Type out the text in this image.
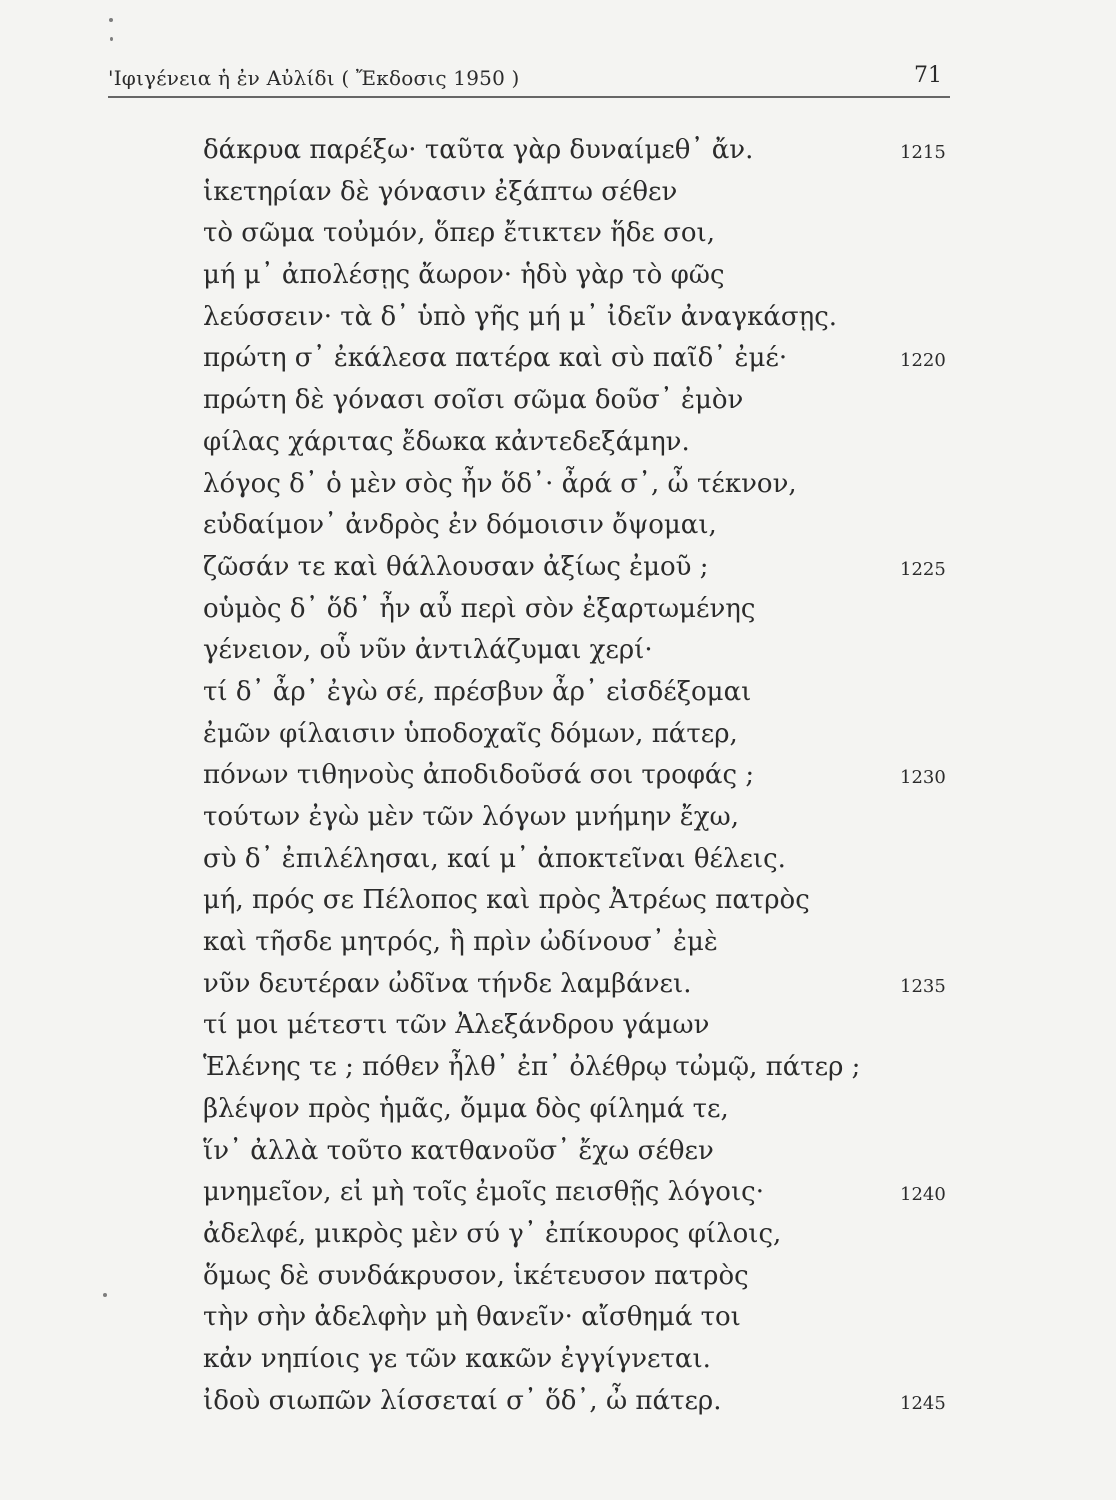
'Ιφιγένεια ἡ ἐν Αὐλίδι ( Ἔκδοσις 1950 )	71
δάκρυα παρέξω· ταῦτα γὰρ δυναίμεθ᾽ ἄν.	1215
ἱκετηρίαν δὲ γόνασιν ἐξάπτω σέθεν
τὸ σῶμα τοὐμόν, ὅπερ ἔτικτεν ἥδε σοι,
μή μ᾽ ἀπολέσῃς ἄωρον· ἡδὺ γὰρ τὸ φῶς
λεύσσειν· τὰ δ᾽ ὑπὸ γῆς μή μ᾽ ἰδεῖν ἀναγκάσῃς.
πρώτη σ᾽ ἐκάλεσα πατέρα καὶ σὺ παῖδ᾽ ἐμέ·	1220
πρώτη δὲ γόνασι σοῖσι σῶμα δοῦσ᾽ ἐμὸν
φίλας χάριτας ἔδωκα κἀντεδεξάμην.
λόγος δ᾽ ὁ μὲν σὸς ἦν ὅδ᾽· ἆρά σ᾽, ὦ τέκνον,
εὐδαίμον᾽ ἀνδρὸς ἐν δόμοισιν ὄψομαι,
ζῶσάν τε καὶ θάλλουσαν ἀξίως ἐμοῦ ;	1225
οὑμὸς δ᾽ ὅδ᾽ ἦν αὖ περὶ σὸν ἐξαρτωμένης
γένειον, οὗ νῦν ἀντιλάζυμαι χερί·
τί δ᾽ ἆρ᾽ ἐγὼ σέ, πρέσβυν ἆρ᾽ εἰσδέξομαι
ἐμῶν φίλαισιν ὑποδοχαῖς δόμων, πάτερ,
πόνων τιθηνοὺς ἀποδιδοῦσά σοι τροφάς ;	1230
τούτων ἐγὼ μὲν τῶν λόγων μνήμην ἔχω,
σὺ δ᾽ ἐπιλέλησαι, καί μ᾽ ἀποκτεῖναι θέλεις.
μή, πρός σε Πέλοπος καὶ πρὸς Ἀτρέως πατρὸς
καὶ τῆσδε μητρός, ἣ πρὶν ὠδίνουσ᾽ ἐμὲ
νῦν δευτέραν ὠδῖνα τήνδε λαμβάνει.	1235
τί μοι μέτεστι τῶν Ἀλεξάνδρου γάμων
Ἑλένης τε ; πόθεν ἦλθ᾽ ἐπ᾽ ὀλέθρῳ τὠμῷ, πάτερ ;
βλέψον πρὸς ἡμᾶς, ὄμμα δὸς φίλημά τε,
ἵν᾽ ἀλλὰ τοῦτο κατθανοῦσ᾽ ἔχω σέθεν
μνημεῖον, εἰ μὴ τοῖς ἐμοῖς πεισθῇς λόγοις·	1240
ἀδελφέ, μικρὸς μὲν σύ γ᾽ ἐπίκουρος φίλοις,
ὅμως δὲ συνδάκρυσον, ἱκέτευσον πατρὸς
τὴν σὴν ἀδελφὴν μὴ θανεῖν· αἴσθημά τοι
κἀν νηπίοις γε τῶν κακῶν ἐγγίγνεται.
ἰδοὺ σιωπῶν λίσσεταί σ᾽ ὅδ᾽, ὦ πάτερ.	1245
